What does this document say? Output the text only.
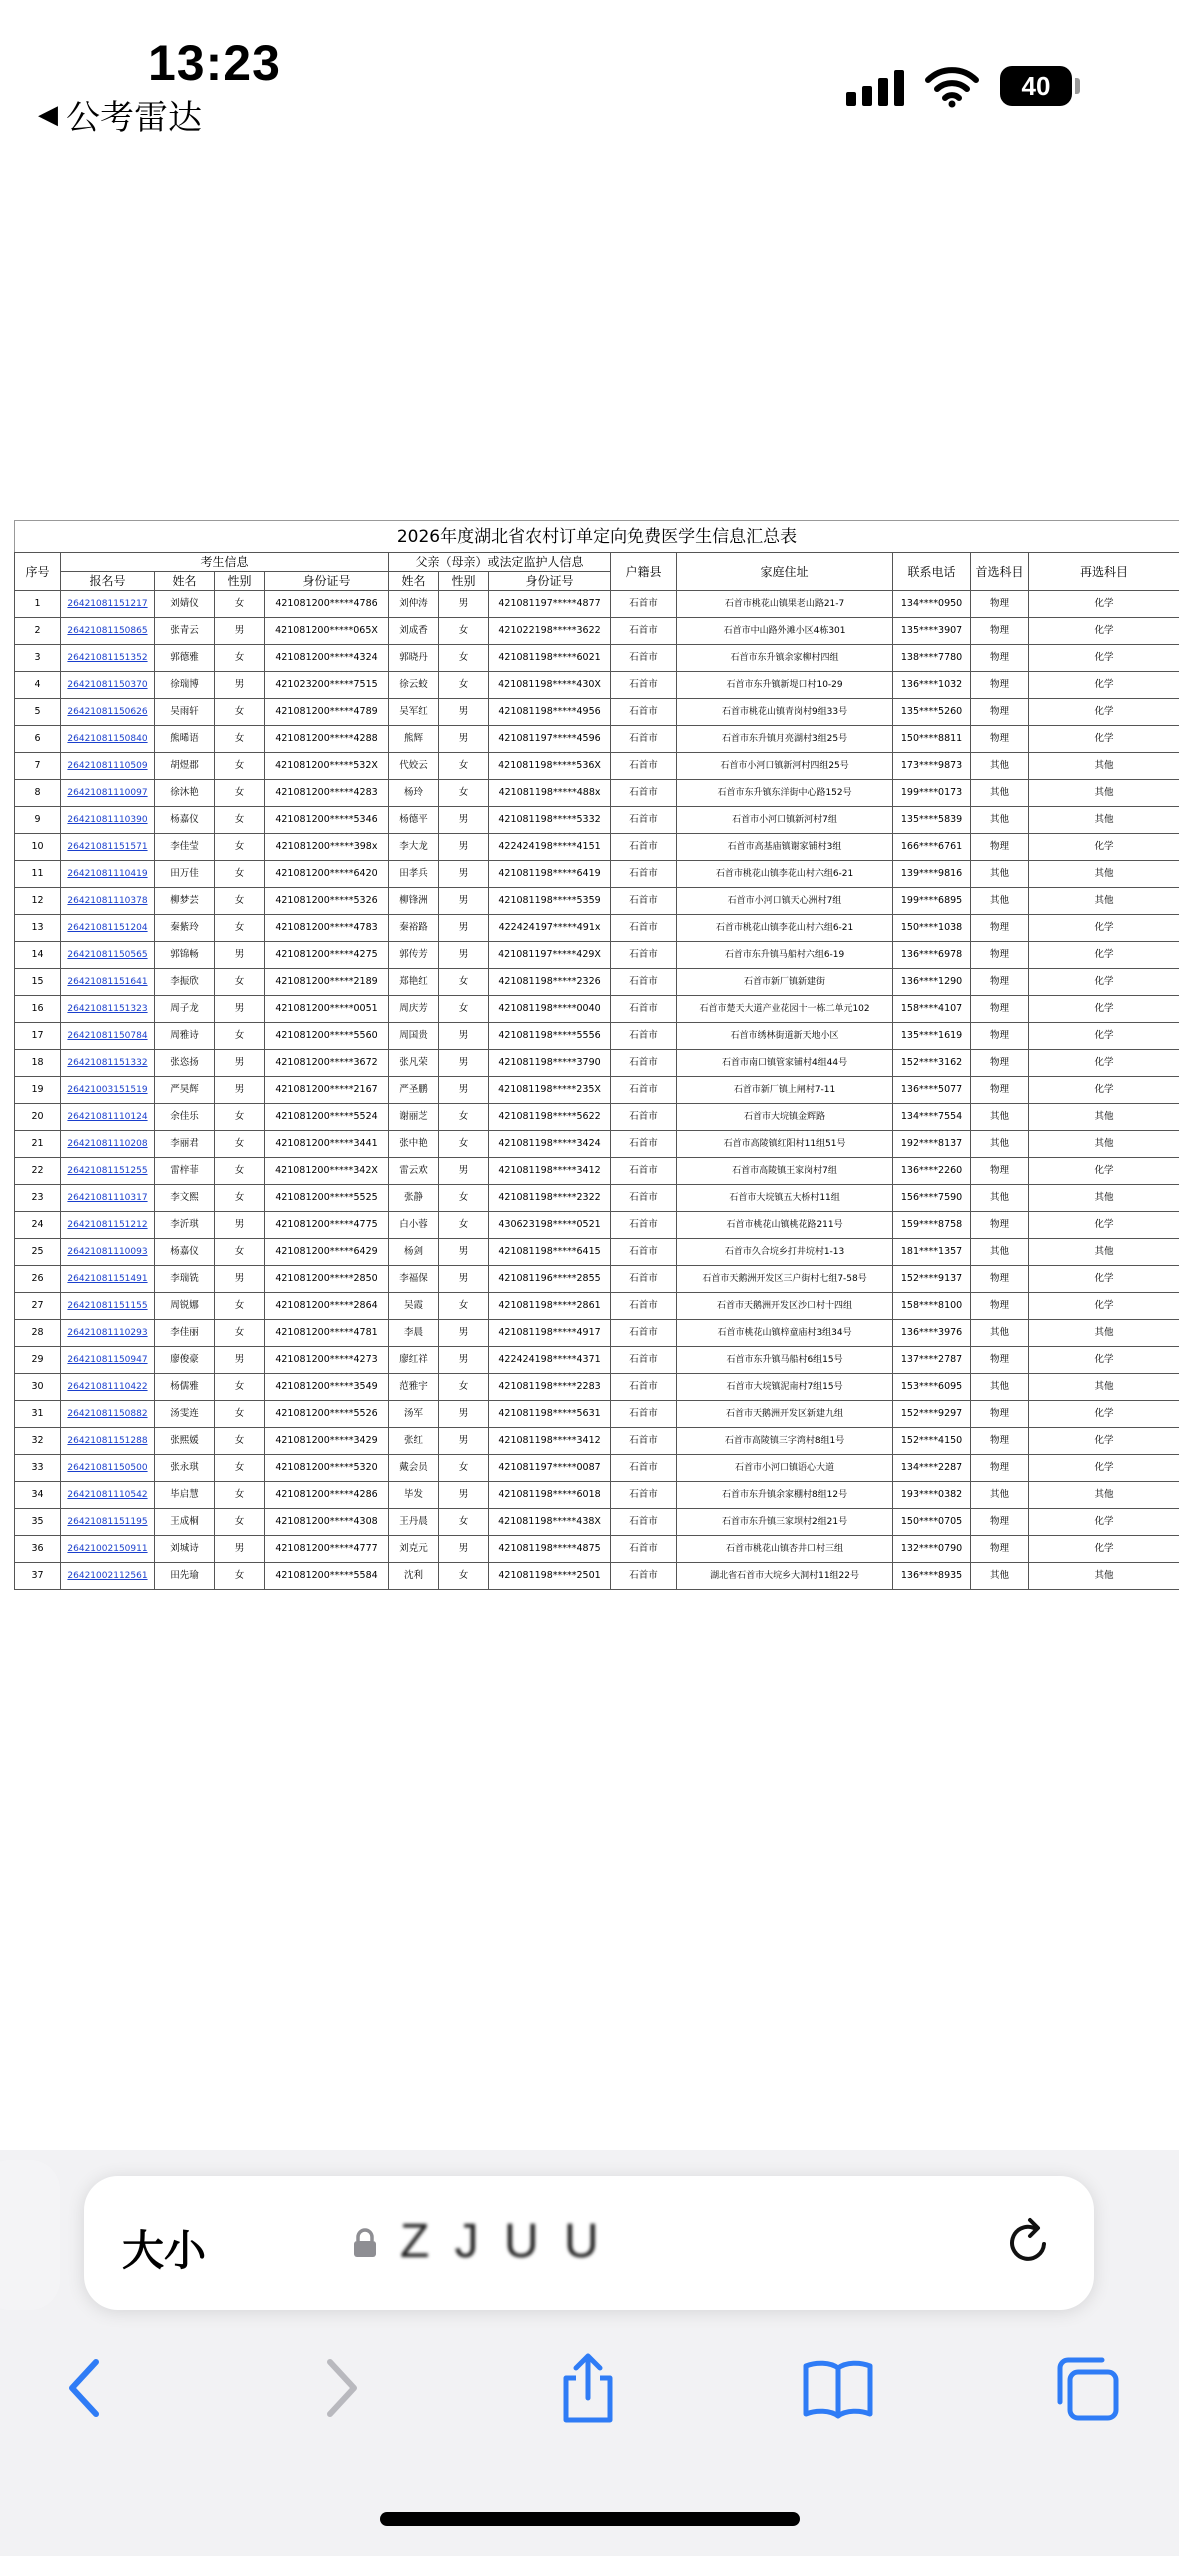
13:23
◀ 公考雷达
40
2026年度湖北省农村订单定向免费医学生信息汇总表
序号	考生信息				父亲（母亲）或法定监护人信息			户籍县	家庭住址	联系电话	首选科目	再选科目
	报名号	姓名	性别	身份证号	姓名	性别	身份证号					
1	26421081151217	刘婧仪	女	421081200*****4786	刘仲涛	男	421081197*****4877	石首市	石首市桃花山镇果老山路21-7	134****0950	物理	化学
2	26421081150865	张青云	男	421081200*****065X	刘成香	女	421022198*****3622	石首市	石首市中山路外滩小区4栋301	135****3907	物理	化学
3	26421081151352	郭德雅	女	421081200*****4324	郭晓丹	女	421081198*****6021	石首市	石首市东升镇余家柳村四组	138****7780	物理	化学
4	26421081150370	徐瑞博	男	421023200*****7515	徐云蛟	女	421081198*****430X	石首市	石首市东升镇新堤口村10-29	136****1032	物理	化学
5	26421081150626	吴雨轩	女	421081200*****4789	吴军红	男	421081198*****4956	石首市	石首市桃花山镇青岗村9组33号	135****5260	物理	化学
6	26421081150840	熊晞语	女	421081200*****4288	熊辉	男	421081197*****4596	石首市	石首市东升镇月亮湖村3组25号	150****8811	物理	化学
7	26421081110509	胡煜郡	女	421081200*****532X	代姣云	女	421081198*****536X	石首市	石首市小河口镇新河村四组25号	173****9873	其他	其他
8	26421081110097	徐沐艳	女	421081200*****4283	杨玲	女	421081198*****488x	石首市	石首市东升镇东洋街中心路152号	199****0173	其他	其他
9	26421081110390	杨嘉仪	女	421081200*****5346	杨德平	男	421081198*****5332	石首市	石首市小河口镇新河村7组	135****5839	其他	其他
10	26421081151571	李佳莹	女	421081200*****398x	李大龙	男	422424198*****4151	石首市	石首市高基庙镇谢家铺村3组	166****6761	物理	化学
11	26421081110419	田万佳	女	421081200*****6420	田孝兵	男	421081198*****6419	石首市	石首市桃花山镇李花山村六组6-21	139****9816	其他	其他
12	26421081110378	柳梦芸	女	421081200*****5326	柳锋洲	男	421081198*****5359	石首市	石首市小河口镇天心洲村7组	199****6895	其他	其他
13	26421081151204	秦紫玲	女	421081200*****4783	秦裕路	男	422424197*****491x	石首市	石首市桃花山镇李花山村六组6-21	150****1038	物理	化学
14	26421081150565	郭锦畅	男	421081200*****4275	郭传芳	男	421081197*****429X	石首市	石首市东升镇马船村六组6-19	136****6978	物理	化学
15	26421081151641	李振欣	女	421081200*****2189	郑艳红	女	421081198*****2326	石首市	石首市新厂镇新建街	136****1290	物理	化学
16	26421081151323	周子龙	男	421081200*****0051	周庆芳	女	421081198*****0040	石首市	石首市楚天大道产业花园十一栋二单元102	158****4107	物理	化学
17	26421081150784	周雅诗	女	421081200*****5560	周国贵	男	421081198*****5556	石首市	石首市绣林街道新天地小区	135****1619	物理	化学
18	26421081151332	张恣扬	男	421081200*****3672	张凡荣	男	421081198*****3790	石首市	石首市南口镇管家铺村4组44号	152****3162	物理	化学
19	26421003151519	严昊辉	男	421081200*****2167	严圣鹏	男	421081198*****235X	石首市	石首市新厂镇上闸村7-11	136****5077	物理	化学
20	26421081110124	余佳乐	女	421081200*****5524	谢丽芝	女	421081198*****5622	石首市	石首市大垸镇金辉路	134****7554	其他	其他
21	26421081110208	李丽君	女	421081200*****3441	张中艳	女	421081198*****3424	石首市	石首市高陵镇红阳村11组51号	192****8137	其他	其他
22	26421081151255	雷梓菲	女	421081200*****342X	雷云欢	男	421081198*****3412	石首市	石首市高陵镇王家岗村7组	136****2260	物理	化学
23	26421081110317	李文熙	女	421081200*****5525	张静	女	421081198*****2322	石首市	石首市大垸镇五大桥村11组	156****7590	其他	其他
24	26421081151212	李沂琪	男	421081200*****4775	白小蓉	女	430623198*****0521	石首市	石首市桃花山镇桃花路211号	159****8758	物理	化学
25	26421081110093	杨嘉仪	女	421081200*****6429	杨剑	男	421081198*****6415	石首市	石首市久合垸乡打井垸村1-13	181****1357	其他	其他
26	26421081151491	李瑞铣	男	421081200*****2850	李福保	男	421081196*****2855	石首市	石首市天鹅洲开发区三户街村七组7-58号	152****9137	物理	化学
27	26421081151155	周锐娜	女	421081200*****2864	吴霞	女	421081198*****2861	石首市	石首市天鹅洲开发区沙口村十四组	158****8100	物理	化学
28	26421081110293	李佳丽	女	421081200*****4781	李晨	男	421081198*****4917	石首市	石首市桃花山镇梓童庙村3组34号	136****3976	其他	其他
29	26421081150947	廖俊豪	男	421081200*****4273	廖红祥	男	422424198*****4371	石首市	石首市东升镇马船村6组15号	137****2787	物理	化学
30	26421081110422	杨儒雅	女	421081200*****3549	范雅宇	女	421081198*****2283	石首市	石首市大垸镇泥南村7组15号	153****6095	其他	其他
31	26421081150882	汤雯连	女	421081200*****5526	汤军	男	421081198*****5631	石首市	石首市天鹅洲开发区新建九组	152****9297	物理	化学
32	26421081151288	张熙媛	女	421081200*****3429	张红	男	421081198*****3412	石首市	石首市高陵镇三字湾村8组1号	152****4150	物理	化学
33	26421081150500	张永琪	女	421081200*****5320	戴会员	女	421081197*****0087	石首市	石首市小河口镇语心大道	134****2287	物理	化学
34	26421081110542	毕启慧	女	421081200*****4286	毕发	男	421081198*****6018	石首市	石首市东升镇余家棚村8组12号	193****0382	其他	其他
35	26421081151195	王成桐	女	421081200*****4308	王丹晨	女	421081198*****438X	石首市	石首市东升镇三家坝村2组21号	150****0705	物理	化学
36	26421002150911	刘城诗	男	421081200*****4777	刘克元	男	421081198*****4875	石首市	石首市桃花山镇杏井口村三组	132****0790	物理	化学
37	26421002112561	田先瑜	女	421081200*****5584	沈利	女	421081198*****2501	石首市	湖北省石首市大垸乡大洞村11组22号	136****8935	其他	其他
大小	Z J U U
